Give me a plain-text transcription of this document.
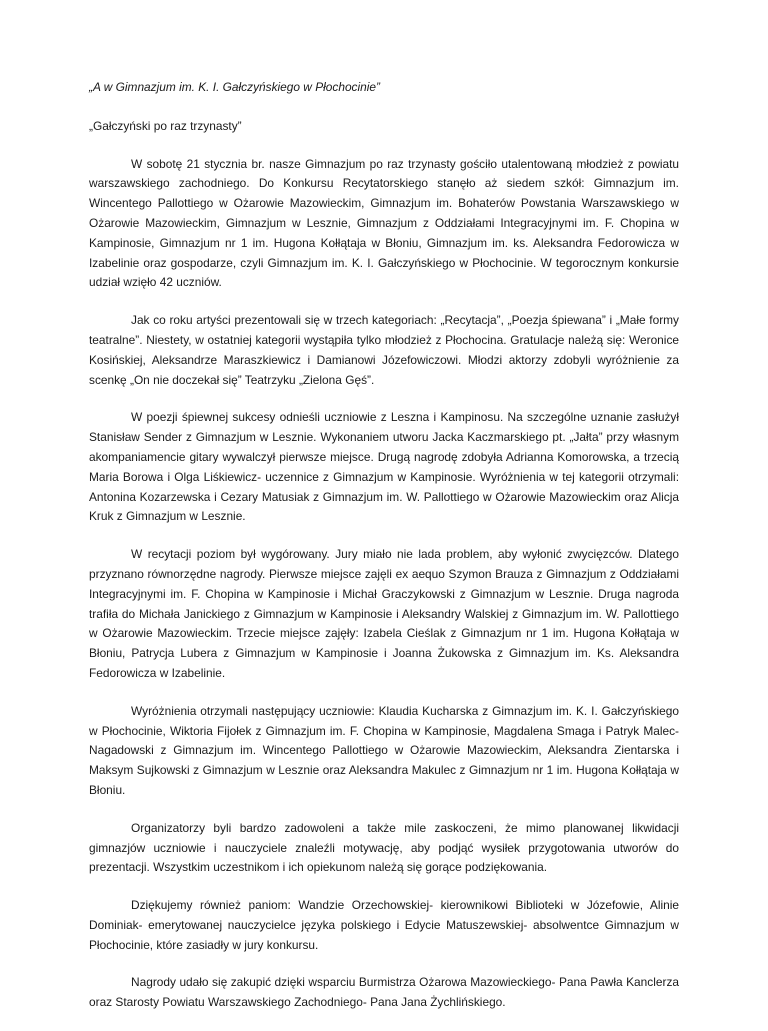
„A w Gimnazjum im. K. I. Gałczyńskiego w Płochocinie”

„Gałczyński po raz trzynasty”

W sobotę 21 stycznia br. nasze Gimnazjum po raz trzynasty gościło utalentowaną młodzież z powiatu warszawskiego zachodniego. Do Konkursu Recytatorskiego stanęło aż siedem szkół: Gimnazjum im. Wincentego Pallottiego w Ożarowie Mazowieckim, Gimnazjum im. Bohaterów Powstania Warszawskiego w Ożarowie Mazowieckim, Gimnazjum w Lesznie, Gimnazjum z Oddziałami Integracyjnymi im. F. Chopina w Kampinosie, Gimnazjum nr 1 im. Hugona Kołłątaja w Błoniu, Gimnazjum im. ks. Aleksandra Fedorowicza w Izabelinie oraz gospodarze, czyli Gimnazjum im. K. I. Gałczyńskiego w Płochocinie. W tegorocznym konkursie udział wzięło 42 uczniów.

Jak co roku artyści prezentowali się w trzech kategoriach: „Recytacja”, „Poezja śpiewana” i „Małe formy teatralne”. Niestety, w ostatniej kategorii wystąpiła tylko młodzież z Płochocina. Gratulacje należą się: Weronice Kosińskiej, Aleksandrze Maraszkiewicz i Damianowi Józefowiczowi. Młodzi aktorzy zdobyli wyróżnienie za scenkę „On nie doczekał się” Teatrzyku „Zielona Gęś”.

W poezji śpiewnej sukcesy odnieśli uczniowie z Leszna i Kampinosu. Na szczególne uznanie zasłużył Stanisław Sender z Gimnazjum w Lesznie. Wykonaniem utworu Jacka Kaczmarskiego pt. „Jałta” przy własnym akompaniamencie gitary wywalczył pierwsze miejsce. Drugą nagrodę zdobyła Adrianna Komorowska, a trzecią Maria Borowa i Olga Liśkiewicz- uczennice z Gimnazjum w Kampinosie. Wyróżnienia w tej kategorii otrzymali: Antonina Kozarzewska i Cezary Matusiak z Gimnazjum im. W. Pallottiego w Ożarowie Mazowieckim oraz Alicja Kruk z Gimnazjum w Lesznie.

W recytacji poziom był wygórowany. Jury miało nie lada problem, aby wyłonić zwycięzców. Dlatego przyznano równorzędne nagrody. Pierwsze miejsce zajęli ex aequo Szymon Brauza z Gimnazjum z Oddziałami Integracyjnymi im. F. Chopina w Kampinosie i Michał Graczykowski z Gimnazjum w Lesznie. Druga nagroda trafiła do Michała Janickiego z Gimnazjum w Kampinosie i Aleksandry Walskiej z Gimnazjum im. W. Pallottiego w Ożarowie Mazowieckim. Trzecie miejsce zajęły: Izabela Cieślak z Gimnazjum nr 1 im. Hugona Kołłątaja w Błoniu, Patrycja Lubera z Gimnazjum w Kampinosie i Joanna Żukowska z Gimnazjum im. Ks. Aleksandra Fedorowicza w Izabelinie.

Wyróżnienia otrzymali następujący uczniowie: Klaudia Kucharska z Gimnazjum im. K. I. Gałczyńskiego w Płochocinie, Wiktoria Fijołek z Gimnazjum im. F. Chopina w Kampinosie, Magdalena Smaga i Patryk Malec-Nagadowski z Gimnazjum im. Wincentego Pallottiego w Ożarowie Mazowieckim, Aleksandra Zientarska i Maksym Sujkowski z Gimnazjum w Lesznie oraz Aleksandra Makulec z Gimnazjum nr 1 im. Hugona Kołłątaja w Błoniu.

Organizatorzy byli bardzo zadowoleni a także mile zaskoczeni, że mimo planowanej likwidacji gimnazjów uczniowie i nauczyciele znaleźli motywację, aby podjąć wysiłek przygotowania utworów do prezentacji. Wszystkim uczestnikom i ich opiekunom należą się gorące podziękowania.

Dziękujemy również paniom: Wandzie Orzechowskiej- kierownikowi Biblioteki w Józefowie, Alinie Dominiak- emerytowanej nauczycielce języka polskiego i Edycie Matuszewskiej- absolwentce Gimnazjum w Płochocinie, które zasiadły w jury konkursu.

Nagrody udało się zakupić dzięki wsparciu Burmistrza Ożarowa Mazowieckiego- Pana Pawła Kanclerza oraz Starosty Powiatu Warszawskiego Zachodniego- Pana Jana Żychlińskiego.
